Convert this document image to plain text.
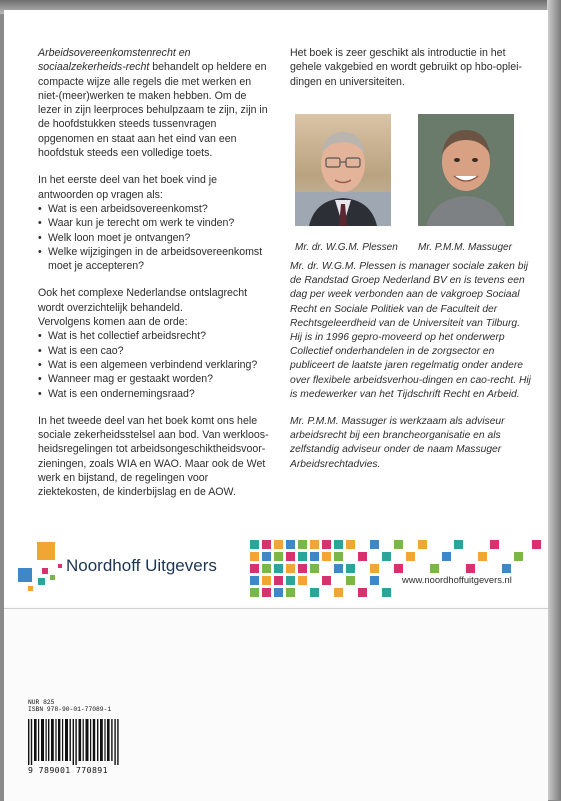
Arbeidsovereenkomstenrecht en sociaalzekerheids-recht behandelt op heldere en compacte wijze alle regels die met werken en niet-(meer)werken te maken hebben. Om de lezer in zijn leerproces behulpzaam te zijn, zijn in de hoofdstukken steeds tussenvragen opgenomen en staat aan het eind van een hoofdstuk steeds een volledige toets.

In het eerste deel van het boek vind je antwoorden op vragen als:
• Wat is een arbeidsovereenkomst?
• Waar kun je terecht om werk te vinden?
• Welk loon moet je ontvangen?
• Welke wijzigingen in de arbeidsovereenkomst moet je accepteren?
Ook het complexe Nederlandse ontslagrecht wordt overzichtelijk behandeld.
Vervolgens komen aan de orde:
• Wat is het collectief arbeidsrecht?
• Wat is een cao?
• Wat is een algemeen verbindend verklaring?
• Wanneer mag er gestaakt worden?
• Wat is een ondernemingsraad?

In het tweede deel van het boek komt ons hele sociale zekerheidsstelsel aan bod. Van werkloos-heidsregelingen tot arbeidsongeschiktheidsvoor-zieningen, zoals WIA en WAO. Maar ook de Wet werk en bijstand, de regelingen voor ziektekosten, de kinderbijslag en de AOW.

Het boek is zeer geschikt als introductie in het gehele vakgebied en wordt gebruikt op hbo-oplei-dingen en universiteiten.

Mr. dr. W.G.M. Plessen Mr. P.M.M. Massuger

Mr. dr. W.G.M. Plessen is manager sociale zaken bij de Randstad Groep Nederland BV en is tevens een dag per week verbonden aan de vakgroep Sociaal Recht en Sociale Politiek van de Faculteit der Rechtsgeleerdheid van de Universiteit van Tilburg. Hij is in 1996 gepro-moveerd op het onderwerp Collectief onderhandelen in de zorgsector en publiceert de laatste jaren regelmatig onder andere over flexibele arbeidsverhou-dingen en cao-recht. Hij is medewerker van het Tijdschrift Recht en Arbeid.

Mr. P.M.M. Massuger is werkzaam als adviseur arbeidsrecht bij een brancheorganisatie en als zelfstandig adviseur onder de naam Massuger Arbeidsrechtadvies.

Noordhoff Uitgevers
www.noordhoffuitgevers.nl
NUR 825
ISBN 978-90-01-77089-1
9 789001 770891
